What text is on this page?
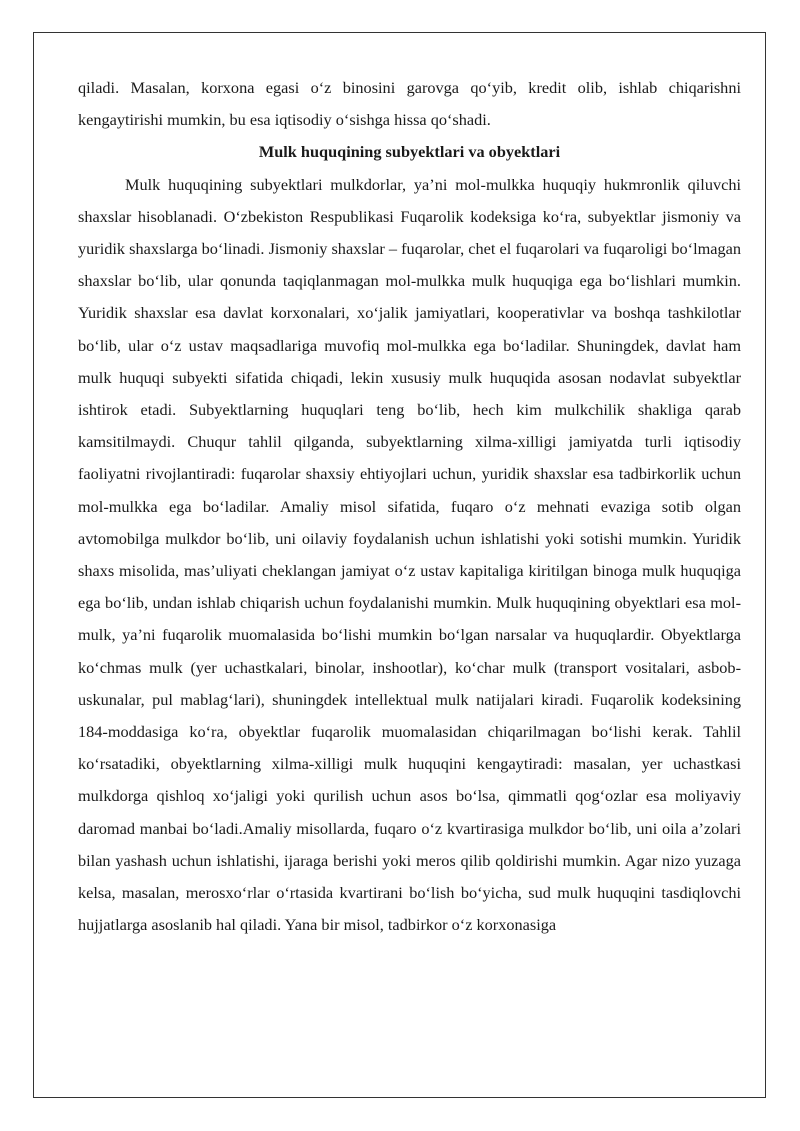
qiladi. Masalan, korxona egasi o‘z binosini garovga qo‘yib, kredit olib, ishlab chiqarishni kengaytirishi mumkin, bu esa iqtisodiy o‘sishga hissa qo‘shadi.

Mulk huquqining subyektlari va obyektlari

Mulk huquqining subyektlari mulkdorlar, ya’ni mol-mulkka huquqiy hukmronlik qiluvchi shaxslar hisoblanadi. O‘zbekiston Respublikasi Fuqarolik kodeksiga ko‘ra, subyektlar jismoniy va yuridik shaxslarga bo‘linadi. Jismoniy shaxslar – fuqarolar, chet el fuqarolari va fuqaroligi bo‘lmagan shaxslar bo‘lib, ular qonunda taqiqlanmagan mol-mulkka mulk huquqiga ega bo‘lishlari mumkin. Yuridik shaxslar esa davlat korxonalari, xo‘jalik jamiyatlari, kooperativlar va boshqa tashkilotlar bo‘lib, ular o‘z ustav maqsadlariga muvofiq mol-mulkka ega bo‘ladilar. Shuningdek, davlat ham mulk huquqi subyekti sifatida chiqadi, lekin xususiy mulk huquqida asosan nodavlat subyektlar ishtirok etadi. Subyektlarning huquqlari teng bo‘lib, hech kim mulkchilik shakliga qarab kamsitilmaydi. Chuqur tahlil qilganda, subyektlarning xilma-xilligi jamiyatda turli iqtisodiy faoliyatni rivojlantiradi: fuqarolar shaxsiy ehtiyojlari uchun, yuridik shaxslar esa tadbirkorlik uchun mol-mulkka ega bo‘ladilar. Amaliy misol sifatida, fuqaro o‘z mehnati evaziga sotib olgan avtomobilga mulkdor bo‘lib, uni oilaviy foydalanish uchun ishlatishi yoki sotishi mumkin. Yuridik shaxs misolida, mas’uliyati cheklangan jamiyat o‘z ustav kapitaliga kiritilgan binoga mulk huquqiga ega bo‘lib, undan ishlab chiqarish uchun foydalanishi mumkin. Mulk huquqining obyektlari esa mol-mulk, ya’ni fuqarolik muomalasida bo‘lishi mumkin bo‘lgan narsalar va huquqlardir. Obyektlarga ko‘chmas mulk (yer uchastkalari, binolar, inshootlar), ko‘char mulk (transport vositalari, asbob-uskunalar, pul mablag‘lari), shuningdek intellektual mulk natijalari kiradi. Fuqarolik kodeksining 184-moddasiga ko‘ra, obyektlar fuqarolik muomalasidan chiqarilmagan bo‘lishi kerak. Tahlil ko‘rsatadiki, obyektlarning xilma-xilligi mulk huquqini kengaytiradi: masalan, yer uchastkasi mulkdorga qishloq xo‘jaligi yoki qurilish uchun asos bo‘lsa, qimmatli qog‘ozlar esa moliyaviy daromad manbai bo‘ladi.Amaliy misollarda, fuqaro o‘z kvartirasiga mulkdor bo‘lib, uni oila a’zolari bilan yashash uchun ishlatishi, ijaraga berishi yoki meros qilib qoldirishi mumkin. Agar nizo yuzaga kelsa, masalan, merosxo‘rlar o‘rtasida kvartirani bo‘lish bo‘yicha, sud mulk huquqini tasdiqlovchi hujjatlarga asoslanib hal qiladi. Yana bir misol, tadbirkor o‘z korxonasiga
